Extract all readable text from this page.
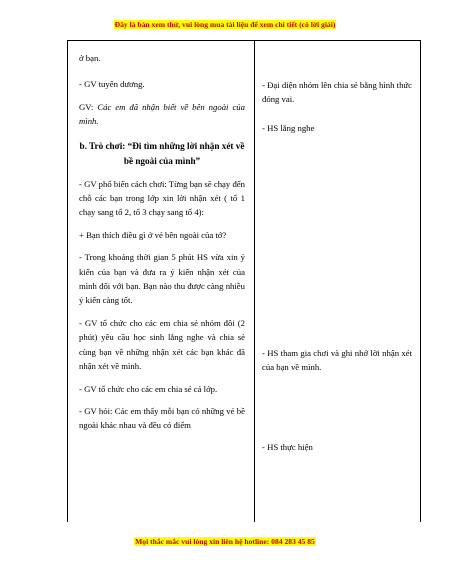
Đây là bản xem thử, vui lòng mua tài liệu để xem chi tiết (có lời giải)

ở bạn.

- GV tuyên dương.

GV: Các em đã nhận biết về bên ngoài của mình.

b. Trò chơi: “Đi tìm những lời nhận xét về bề ngoài của mình”

- GV phổ biến cách chơi: Từng bạn sẽ chạy đến chỗ các bạn trong lớp xin lời nhận xét ( tổ 1 chạy sang tổ 2, tổ 3 chạy sang tổ 4):

+ Bạn thích điều gì ở vẻ bên ngoài của tớ?

- Trong khoảng thời gian 5 phút HS vừa xin ý kiến của bạn và đưa ra ý kiến nhận xét của mình đối với bạn. Bạn nào thu được càng nhiều ý kiến càng tốt.

- GV tổ chức cho các em chia sẻ nhóm đôi (2 phút) yêu cầu học sinh lắng nghe và chia sẻ cùng bạn về những nhận xét các bạn khác đã nhận xét về mình.

- GV tổ chức cho các em chia sẻ cả lớp.

- GV hỏi: Các em thấy mỗi bạn có những vẻ bề ngoài khác nhau và đều có điểm

- Đại diện nhóm lên chia sẻ bằng hình thức đóng vai.

- HS lắng nghe

- HS tham gia chơi và ghi nhớ lời nhận xét của bạn về mình.

- HS thực hiện

Mọi thắc mắc vui lòng xin liên hệ hotline: 084 283 45 85
